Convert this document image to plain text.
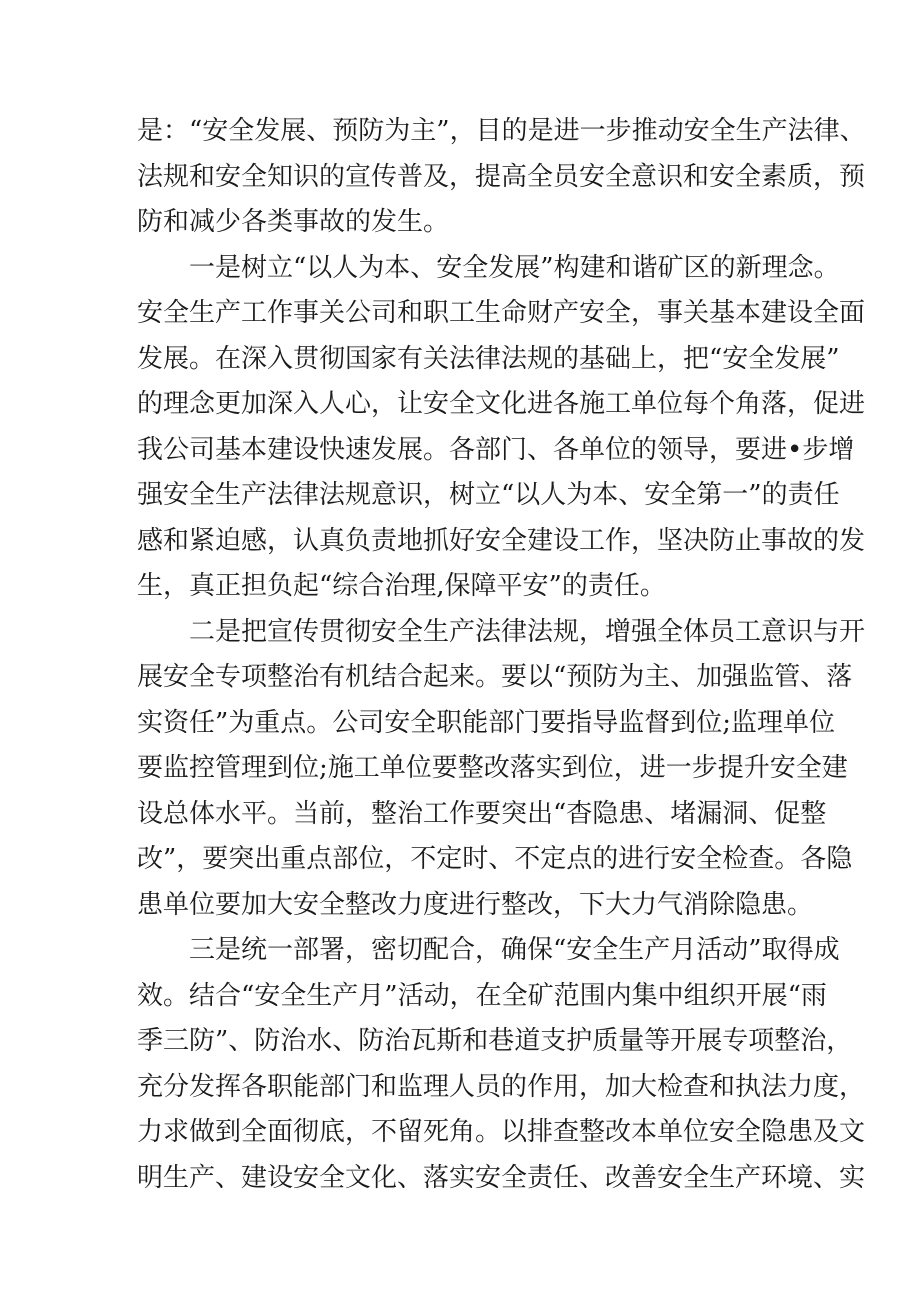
是：“安全发展、预防为主”，目的是进一步推动安全生产法律、
法规和安全知识的宣传普及，提高全员安全意识和安全素质，预
防和减少各类事故的发生。
一是树立“以人为本、安全发展”构建和谐矿区的新理念。
安全生产工作事关公司和职工生命财产安全，事关基本建设全面
发展。在深入贯彻国家有关法律法规的基础上，把“安全发展”
的理念更加深入人心，让安全文化进各施工单位每个角落，促进
我公司基本建设快速发展。各部门、各单位的领导，要进•步增
强安全生产法律法规意识，树立“以人为本、安全第一”的责任
感和紧迫感，认真负责地抓好安全建设工作，坚决防止事故的发
生，真正担负起“综合治理,保障平安”的责任。
二是把宣传贯彻安全生产法律法规，增强全体员工意识与开
展安全专项整治有机结合起来。要以“预防为主、加强监管、落
实资任”为重点。公司安全职能部门要指导监督到位;监理单位
要监控管理到位;施工单位要整改落实到位，进一步提升安全建
设总体水平。当前，整治工作要突出“杳隐患、堵漏洞、促整
改”，要突出重点部位，不定时、不定点的进行安全检查。各隐
患单位要加大安全整改力度进行整改，下大力气消除隐患。
三是统一部署，密切配合，确保“安全生产月活动”取得成
效。结合“安全生产月”活动，在全矿范围内集中组织开展“雨
季三防”、防治水、防治瓦斯和巷道支护质量等开展专项整治，
充分发挥各职能部门和监理人员的作用，加大检查和执法力度，
力求做到全面彻底，不留死角。以排查整改本单位安全隐患及文
明生产、建设安全文化、落实安全责任、改善安全生产环境、实
